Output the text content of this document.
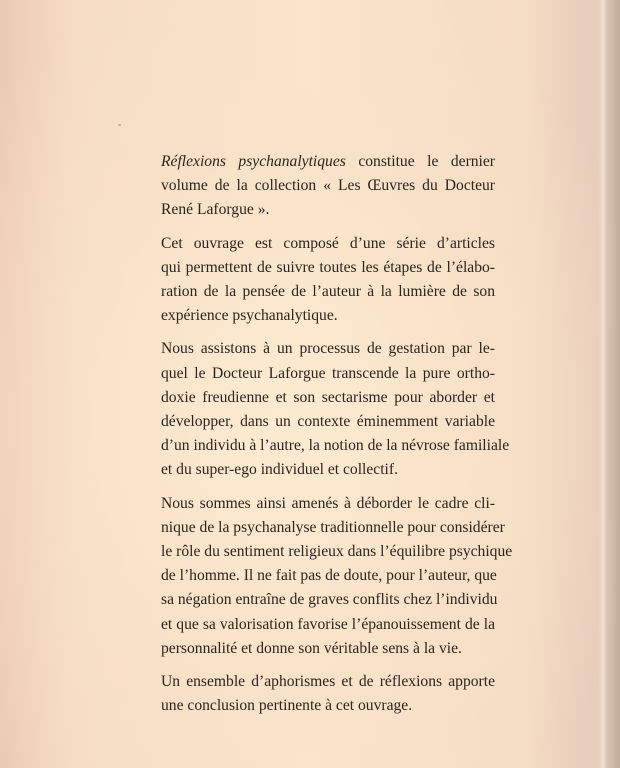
Réflexions psychanalytiques constitue le dernier
volume de la collection « Les Œuvres du Docteur
René Laforgue ».
Cet ouvrage est composé d’une série d’articles
qui permettent de suivre toutes les étapes de l’élabo-
ration de la pensée de l’auteur à la lumière de son
expérience psychanalytique.
Nous assistons à un processus de gestation par le-
quel le Docteur Laforgue transcende la pure ortho-
doxie freudienne et son sectarisme pour aborder et
développer, dans un contexte éminemment variable
d’un individu à l’autre, la notion de la névrose familiale
et du super-ego individuel et collectif.
Nous sommes ainsi amenés à déborder le cadre cli-
nique de la psychanalyse traditionnelle pour considérer
le rôle du sentiment religieux dans l’équilibre psychique
de l’homme. Il ne fait pas de doute, pour l’auteur, que
sa négation entraîne de graves conflits chez l’individu
et que sa valorisation favorise l’épanouissement de la
personnalité et donne son véritable sens à la vie.
Un ensemble d’aphorismes et de réflexions apporte
une conclusion pertinente à cet ouvrage.
